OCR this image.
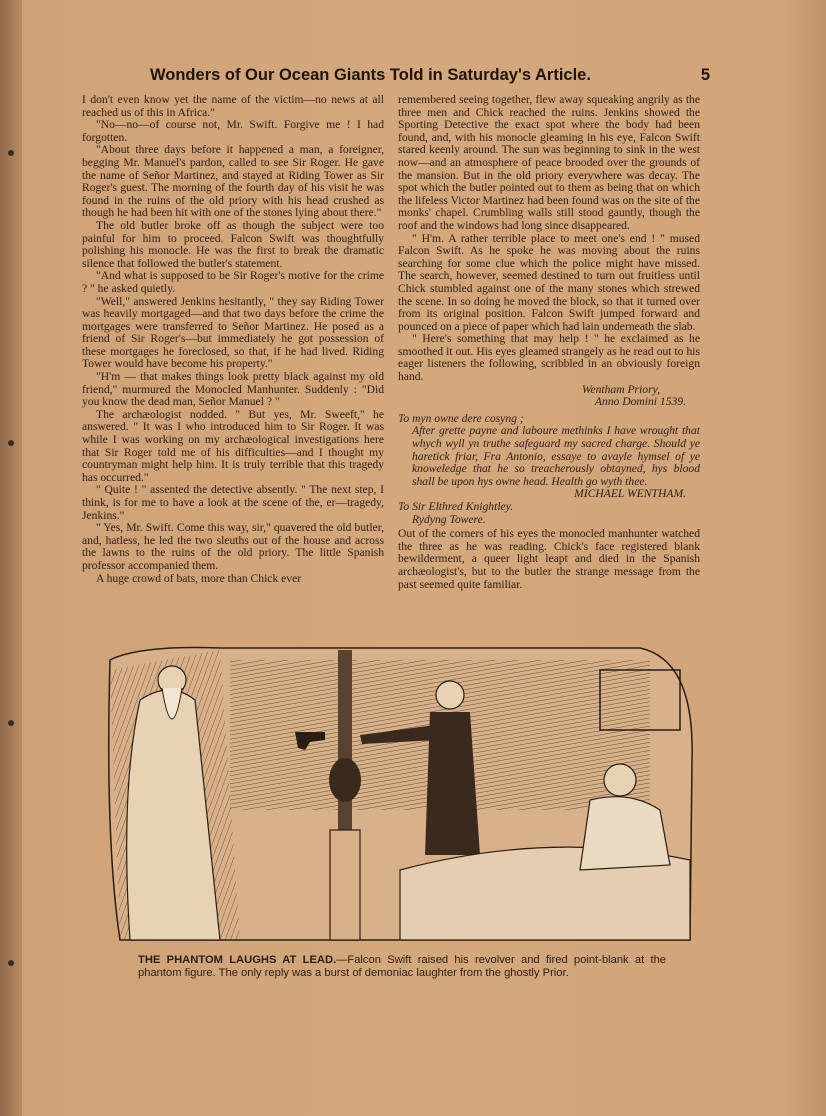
Wonders of Our Ocean Giants Told in Saturday's Article.	5

I don't even know yet the name of the victim—no news at all reached us of this in Africa."

"No—no—of course not, Mr. Swift. Forgive me ! I had forgotten.

"About three days before it happened a man, a foreigner, begging Mr. Manuel's pardon, called to see Sir Roger. He gave the name of Señor Martinez, and stayed at Riding Tower as Sir Roger's guest. The morning of the fourth day of his visit he was found in the ruins of the old priory with his head crushed as though he had been hit with one of the stones lying about there."

The old butler broke off as though the subject were too painful for him to proceed. Falcon Swift was thoughtfully polishing his monocle. He was the first to break the dramatic silence that followed the butler's statement.

"And what is supposed to be Sir Roger's motive for the crime ? " he asked quietly.

"Well," answered Jenkins hesitantly, " they say Riding Tower was heavily mortgaged—and that two days before the crime the mortgages were transferred to Señor Martinez. He posed as a friend of Sir Roger's—but immediately he got possession of these mortgages he foreclosed, so that, if he had lived. Riding Tower would have become his property."

"H'm — that makes things look pretty black against my old friend," murmured the Monocled Manhunter. Suddenly : "Did you know the dead man, Señor Manuel ? "

The archæologist nodded. " But yes, Mr. Sweeft," he answered. " It was I who introduced him to Sir Roger. It was while I was working on my archæological investigations here that Sir Roger told me of his difficulties—and I thought my countryman might help him. It is truly terrible that this tragedy has occurred."

" Quite ! " assented the detective absently. " The next step, I think, is for me to have a look at the scene of the, er—tragedy, Jenkins."

" Yes, Mr. Swift. Come this way, sir," quavered the old butler, and, hatless, he led the two sleuths out of the house and across the lawns to the ruins of the old priory. The little Spanish professor accompanied them.

A huge crowd of bats, more than Chick ever

remembered seeing together, flew away squeaking angrily as the three men and Chick reached the ruins. Jenkins showed the Sporting Detective the exact spot where the body had been found, and, with his monocle gleaming in his eye, Falcon Swift stared keenly around. The sun was beginning to sink in the west now—and an atmosphere of peace brooded over the grounds of the mansion. But in the old priory everywhere was decay. The spot which the butler pointed out to them as being that on which the lifeless Victor Martinez had been found was on the site of the monks' chapel. Crumbling walls still stood gauntly, though the roof and the windows had long since disappeared.

" H'm. A rather terrible place to meet one's end ! " mused Falcon Swift. As he spoke he was moving about the ruins searching for some clue which the police might have missed. The search, however, seemed destined to turn out fruitless until Chick stumbled against one of the many stones which strewed the scene. In so doing he moved the block, so that it turned over from its original position. Falcon Swift jumped forward and pounced on a piece of paper which had lain underneath the slab.

" Here's something that may help ! " he exclaimed as he smoothed it out. His eyes gleamed strangely as he read out to his eager listeners the following, scribbled in an obviously foreign hand.

Wentham Priory,

Anno Domini 1539.

To myn owne dere cosyng ;

After grette payne and laboure methinks I have wrought that whych wyll yn truthe safeguard my sacred charge. Should ye haretick friar, Fra Antonio, essaye to avayle hymsel of ye knoweledge that he so treacherously obtayned, hys blood shall be upon hys owne head. Health go wyth thee.

MICHAEL WENTHAM.

To Sir Elthred Knightley.

Rydyng Towere.

Out of the corners of his eyes the monocled manhunter watched the three as he was reading. Chick's face registered blank bewilderment, a queer light leapt and died in the Spanish archæologist's, but to the butler the strange message from the past seemed quite familiar.

THE PHANTOM LAUGHS AT LEAD.—Falcon Swift raised his revolver and fired point-blank at the phantom figure. The only reply was a burst of demoniac laughter from the ghostly Prior.
